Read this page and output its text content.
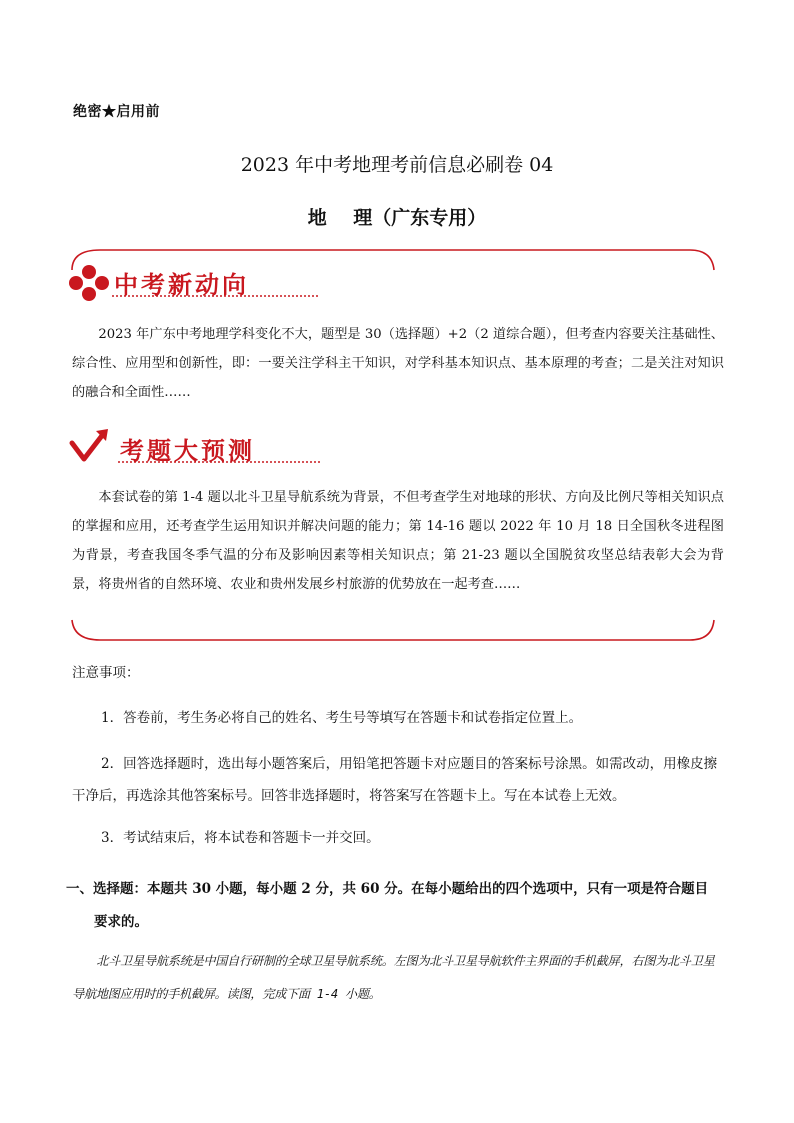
绝密★启用前
2023 年中考地理考前信息必刷卷 04
地    理（广东专用）
中考新动向
2023 年广东中考地理学科变化不大，题型是 30（选择题）+2（2 道综合题），但考查内容要关注基础性、综合性、应用型和创新性，即：一要关注学科主干知识，对学科基本知识点、基本原理的考查；二是关注对知识的融合和全面性……
考题大预测
本套试卷的第 1-4 题以北斗卫星导航系统为背景，不但考查学生对地球的形状、方向及比例尺等相关知识点的掌握和应用，还考查学生运用知识并解决问题的能力；第 14-16 题以 2022 年 10 月 18 日全国秋冬进程图为背景，考查我国冬季气温的分布及影响因素等相关知识点；第 21-23 题以全国脱贫攻坚总结表彰大会为背景，将贵州省的自然环境、农业和贵州发展乡村旅游的优势放在一起考查……
注意事项：
1．答卷前，考生务必将自己的姓名、考生号等填写在答题卡和试卷指定位置上。
2．回答选择题时，选出每小题答案后，用铅笔把答题卡对应题目的答案标号涂黑。如需改动，用橡皮擦干净后，再选涂其他答案标号。回答非选择题时，将答案写在答题卡上。写在本试卷上无效。
3．考试结束后，将本试卷和答题卡一并交回。
一、选择题：本题共 30 小题，每小题 2 分，共 60 分。在每小题给出的四个选项中，只有一项是符合题目
要求的。
北斗卫星导航系统是中国自行研制的全球卫星导航系统。左图为北斗卫星导航软件主界面的手机截屏，右图为北斗卫星导航地图应用时的手机截屏。读图，完成下面 1-4 小题。
